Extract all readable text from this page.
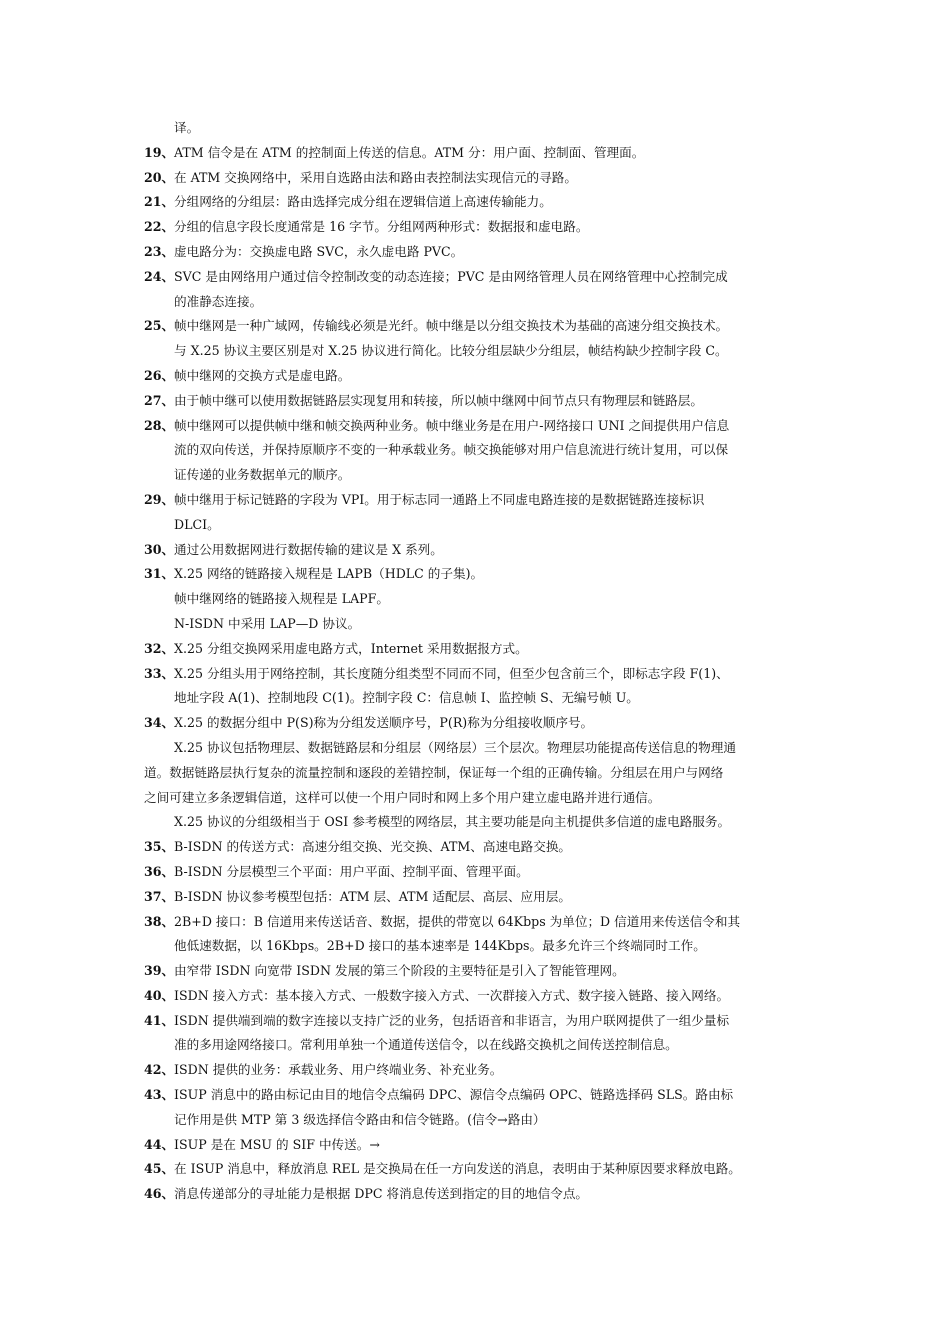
译。
19、 ATM 信令是在 ATM 的控制面上传送的信息。ATM 分：用户面、控制面、管理面。
20、 在 ATM 交换网络中，采用自选路由法和路由表控制法实现信元的寻路。
21、 分组网络的分组层：路由选择完成分组在逻辑信道上高速传输能力。
22、 分组的信息字段长度通常是 16 字节。分组网两种形式：数据报和虚电路。
23、 虚电路分为：交换虚电路 SVC，永久虚电路 PVC。
24、 SVC 是由网络用户通过信令控制改变的动态连接；PVC 是由网络管理人员在网络管理中心控制完成
的准静态连接。
25、 帧中继网是一种广域网，传输线必须是光纤。帧中继是以分组交换技术为基础的高速分组交换技术。
与 X.25 协议主要区别是对 X.25 协议进行简化。比较分组层缺少分组层，帧结构缺少控制字段 C。
26、 帧中继网的交换方式是虚电路。
27、 由于帧中继可以使用数据链路层实现复用和转接，所以帧中继网中间节点只有物理层和链路层。
28、 帧中继网可以提供帧中继和帧交换两种业务。帧中继业务是在用户-网络接口 UNI 之间提供用户信息
流的双向传送，并保持原顺序不变的一种承载业务。帧交换能够对用户信息流进行统计复用，可以保
证传递的业务数据单元的顺序。
29、 帧中继用于标记链路的字段为 VPI。用于标志同一通路上不同虚电路连接的是数据链路连接标识
DLCI。
30、 通过公用数据网进行数据传输的建议是 X 系列。
31、 X.25 网络的链路接入规程是 LAPB（HDLC 的子集)。
帧中继网络的链路接入规程是 LAPF。
N-ISDN 中采用 LAP—D 协议。
32、 X.25 分组交换网采用虚电路方式，Internet 采用数据报方式。
33、 X.25 分组头用于网络控制，其长度随分组类型不同而不同，但至少包含前三个，即标志字段 F(1)、
地址字段 A(1)、控制地段 C(1)。控制字段 C：信息帧 I、监控帧 S、无编号帧 U。
34、 X.25 的数据分组中 P(S)称为分组发送顺序号，P(R)称为分组接收顺序号。
X.25 协议包括物理层、数据链路层和分组层（网络层）三个层次。物理层功能提高传送信息的物理通
道。数据链路层执行复杂的流量控制和逐段的差错控制，保证每一个组的正确传输。分组层在用户与网络
之间可建立多条逻辑信道，这样可以使一个用户同时和网上多个用户建立虚电路并进行通信。
X.25 协议的分组级相当于 OSI 参考模型的网络层，其主要功能是向主机提供多信道的虚电路服务。
35、 B-ISDN 的传送方式：高速分组交换、光交换、ATM、高速电路交换。
36、 B-ISDN 分层模型三个平面：用户平面、控制平面、管理平面。
37、 B-ISDN 协议参考模型包括：ATM 层、ATM 适配层、高层、应用层。
38、 2B+D 接口：B 信道用来传送话音、数据，提供的带宽以 64Kbps 为单位；D 信道用来传送信令和其
他低速数据，以 16Kbps。2B+D 接口的基本速率是 144Kbps。最多允许三个终端同时工作。
39、 由窄带 ISDN 向宽带 ISDN 发展的第三个阶段的主要特征是引入了智能管理网。
40、 ISDN 接入方式：基本接入方式、一般数字接入方式、一次群接入方式、数字接入链路、接入网络。
41、 ISDN 提供端到端的数字连接以支持广泛的业务，包括语音和非语言，为用户联网提供了一组少量标
准的多用途网络接口。常利用单独一个通道传送信令，以在线路交换机之间传送控制信息。
42、 ISDN 提供的业务：承载业务、用户终端业务、补充业务。
43、 ISUP 消息中的路由标记由目的地信令点编码 DPC、源信令点编码 OPC、链路选择码 SLS。路由标
记作用是供 MTP 第 3 级选择信令路由和信令链路。(信令→路由）
44、 ISUP 是在 MSU 的 SIF 中传送。→
45、 在 ISUP 消息中，释放消息 REL 是交换局在任一方向发送的消息，表明由于某种原因要求释放电路。
46、 消息传递部分的寻址能力是根据 DPC 将消息传送到指定的目的地信令点。
